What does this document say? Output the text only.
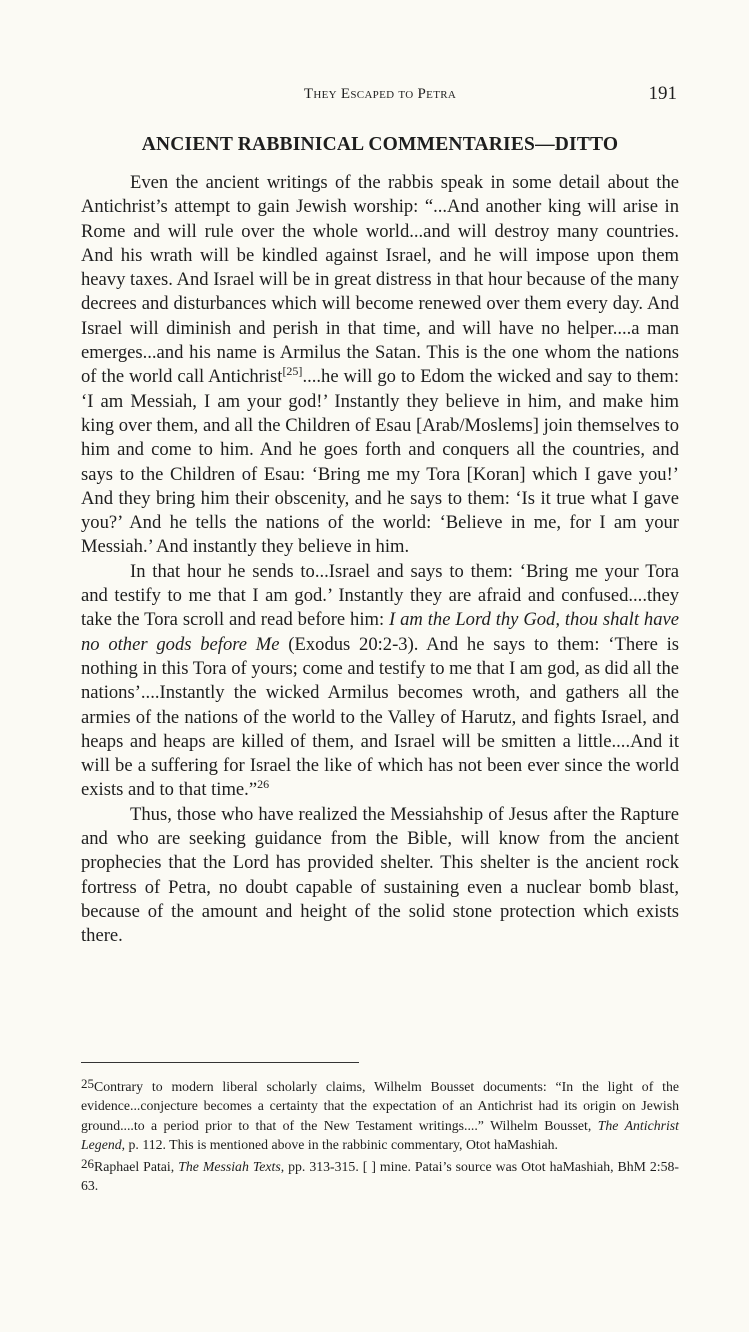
They Escaped to Petra	191
ANCIENT RABBINICAL COMMENTARIES—DITTO

Even the ancient writings of the rabbis speak in some detail about the Antichrist’s attempt to gain Jewish worship: “...And another king will arise in Rome and will rule over the whole world...and will destroy many countries. And his wrath will be kindled against Israel, and he will impose upon them heavy taxes. And Israel will be in great distress in that hour because of the many decrees and disturbances which will become renewed over them every day. And Israel will diminish and perish in that time, and will have no helper....a man emerges...and his name is Armilus the Satan. This is the one whom the nations of the world call Antichrist[25]....he will go to Edom the wicked and say to them: ‘I am Messiah, I am your god!’ Instantly they believe in him, and make him king over them, and all the Children of Esau [Arab/Moslems] join themselves to him and come to him. And he goes forth and conquers all the countries, and says to the Children of Esau: ‘Bring me my Tora [Koran] which I gave you!’ And they bring him their obscenity, and he says to them: ‘Is it true what I gave you?’ And he tells the nations of the world: ‘Believe in me, for I am your Messiah.’ And instantly they believe in him.

In that hour he sends to...Israel and says to them: ‘Bring me your Tora and testify to me that I am god.’ Instantly they are afraid and confused....they take the Tora scroll and read before him: I am the Lord thy God, thou shalt have no other gods before Me (Exodus 20:2-3). And he says to them: ‘There is nothing in this Tora of yours; come and testify to me that I am god, as did all the nations’....Instantly the wicked Armilus becomes wroth, and gathers all the armies of the nations of the world to the Valley of Harutz, and fights Israel, and heaps and heaps are killed of them, and Israel will be smitten a little....And it will be a suffering for Israel the like of which has not been ever since the world exists and to that time.”$^{26}$

Thus, those who have realized the Messiahship of Jesus after the Rapture and who are seeking guidance from the Bible, will know from the ancient prophecies that the Lord has provided shelter. This shelter is the ancient rock fortress of Petra, no doubt capable of sustaining even a nuclear bomb blast, because of the amount and height of the solid stone protection which exists there.

25Contrary to modern liberal scholarly claims, Wilhelm Bousset documents: “In the light of the evidence...conjecture becomes a certainty that the expectation of an Antichrist had its origin on Jewish ground....to a period prior to that of the New Testament writings....” Wilhelm Bousset, The Antichrist Legend, p. 112. This is mentioned above in the rabbinic commentary, Otot haMashiah.

26Raphael Patai, The Messiah Texts, pp. 313-315. [ ] mine. Patai’s source was Otot haMashiah, BhM 2:58-63.
